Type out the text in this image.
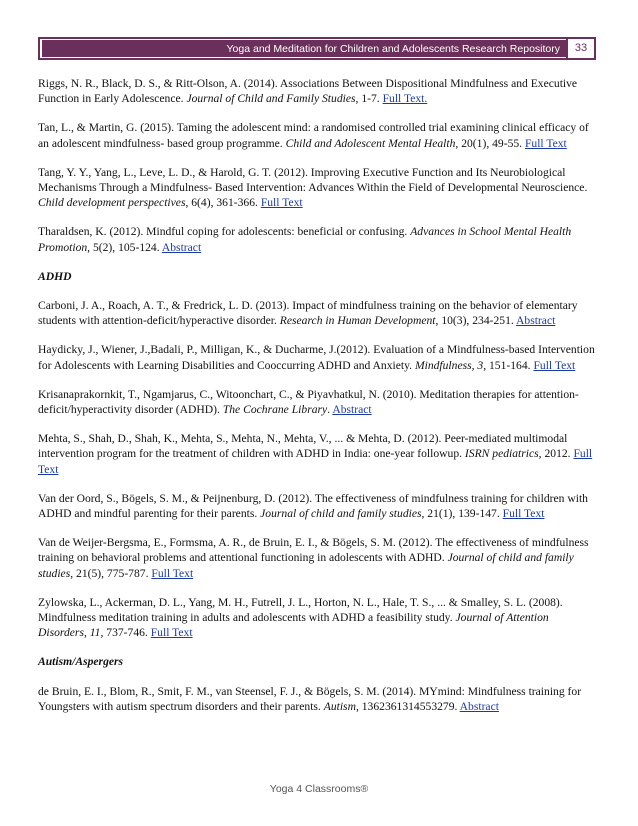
Yoga and Meditation for Children and Adolescents Research Repository	33

Riggs, N. R., Black, D. S., & Ritt-Olson, A. (2014). Associations Between Dispositional Mindfulness and Executive Function in Early Adolescence. Journal of Child and Family Studies, 1-7. Full Text.

Tan, L., & Martin, G. (2015). Taming the adolescent mind: a randomised controlled trial examining clinical efficacy of an adolescent mindfulness‐ based group programme. Child and Adolescent Mental Health, 20(1), 49-55. Full Text

Tang, Y. Y., Yang, L., Leve, L. D., & Harold, G. T. (2012). Improving Executive Function and Its Neurobiological Mechanisms Through a Mindfulness‐ Based Intervention: Advances Within the Field of Developmental Neuroscience. Child development perspectives, 6(4), 361-366. Full Text

Tharaldsen, K. (2012). Mindful coping for adolescents: beneficial or confusing. Advances in School Mental Health Promotion, 5(2), 105-124. Abstract

ADHD

Carboni, J. A., Roach, A. T., & Fredrick, L. D. (2013). Impact of mindfulness training on the behavior of elementary students with attention-deficit/hyperactive disorder. Research in Human Development, 10(3), 234-251. Abstract

Haydicky, J., Wiener, J.,Badali, P., Milligan, K., & Ducharme, J.(2012). Evaluation of a Mindfulness-based Intervention for Adolescents with Learning Disabilities and Cooccurring ADHD and Anxiety. Mindfulness, 3, 151-164. Full Text

Krisanaprakornkit, T., Ngamjarus, C., Witoonchart, C., & Piyavhatkul, N. (2010). Meditation therapies for attention‐ deficit/hyperactivity disorder (ADHD). The Cochrane Library. Abstract

Mehta, S., Shah, D., Shah, K., Mehta, S., Mehta, N., Mehta, V., ... & Mehta, D. (2012). Peer-mediated multimodal intervention program for the treatment of children with ADHD in India: one-year followup. ISRN pediatrics, 2012. Full Text

Van der Oord, S., Bögels, S. M., & Peijnenburg, D. (2012). The effectiveness of mindfulness training for children with ADHD and mindful parenting for their parents. Journal of child and family studies, 21(1), 139-147. Full Text

Van de Weijer-Bergsma, E., Formsma, A. R., de Bruin, E. I., & Bögels, S. M. (2012). The effectiveness of mindfulness training on behavioral problems and attentional functioning in adolescents with ADHD. Journal of child and family studies, 21(5), 775-787. Full Text

Zylowska, L., Ackerman, D. L., Yang, M. H., Futrell, J. L., Horton, N. L., Hale, T. S., ... & Smalley, S. L. (2008). Mindfulness meditation training in adults and adolescents with ADHD a feasibility study. Journal of Attention Disorders, 11, 737-746. Full Text

Autism/Aspergers

de Bruin, E. I., Blom, R., Smit, F. M., van Steensel, F. J., & Bögels, S. M. (2014). MYmind: Mindfulness training for Youngsters with autism spectrum disorders and their parents. Autism, 1362361314553279. Abstract

Yoga 4 Classrooms®
